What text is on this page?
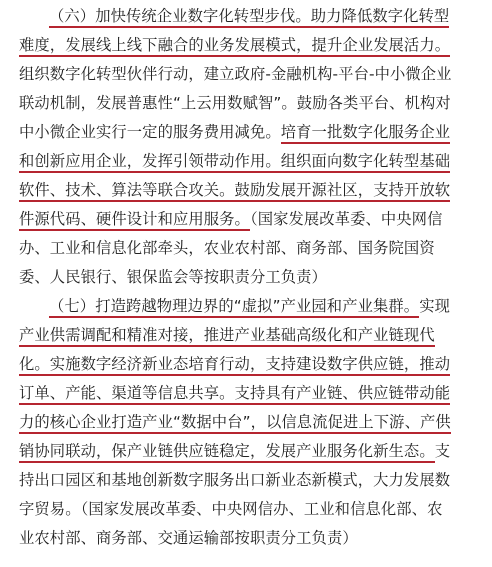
（六）加快传统企业数字化转型步伐。助力降低数字化转型
难度，发展线上线下融合的业务发展模式，提升企业发展活力。
组织数字化转型伙伴行动，建立政府-金融机构-平台-中小微企业
联动机制，发展普惠性“上云用数赋智”。鼓励各类平台、机构对
中小微企业实行一定的服务费用减免。培育一批数字化服务企业
和创新应用企业，发挥引领带动作用。组织面向数字化转型基础
软件、技术、算法等联合攻关。鼓励发展开源社区，支持开放软
件源代码、硬件设计和应用服务。（国家发展改革委、中央网信
办、工业和信息化部牵头，农业农村部、商务部、国务院国资
委、人民银行、银保监会等按职责分工负责）
（七）打造跨越物理边界的“虚拟”产业园和产业集群。实现
产业供需调配和精准对接，推进产业基础高级化和产业链现代
化。实施数字经济新业态培育行动，支持建设数字供应链，推动
订单、产能、渠道等信息共享。支持具有产业链、供应链带动能
力的核心企业打造产业“数据中台”，以信息流促进上下游、产供
销协同联动，保产业链供应链稳定，发展产业服务化新生态。支
持出口园区和基地创新数字服务出口新业态新模式，大力发展数
字贸易。（国家发展改革委、中央网信办、工业和信息化部、农
业农村部、商务部、交通运输部按职责分工负责）
